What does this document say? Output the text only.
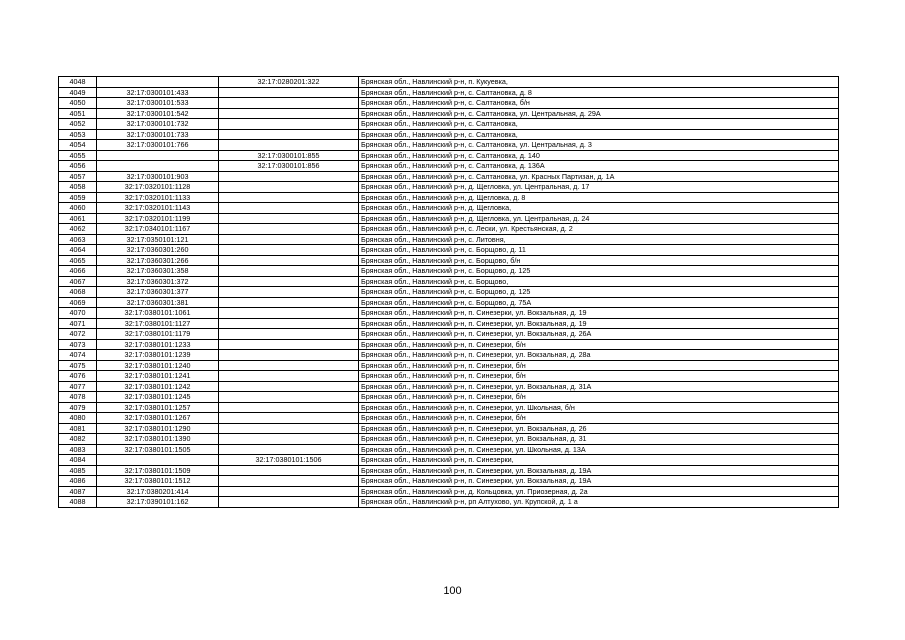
4048		32:17:0280201:322	Брянская обл., Навлинский р-н, п. Кукуевка,
4049	32:17:0300101:433		Брянская обл., Навлинский р-н, с. Салтановка, д. 8
4050	32:17:0300101:533		Брянская обл., Навлинский р-н, с. Салтановка, б/н
4051	32:17:0300101:542		Брянская обл., Навлинский р-н, с. Салтановка, ул. Центральная, д. 29А
4052	32:17:0300101:732		Брянская обл., Навлинский р-н, с. Салтановка,
4053	32:17:0300101:733		Брянская обл., Навлинский р-н, с. Салтановка,
4054	32:17:0300101:766		Брянская обл., Навлинский р-н, с. Салтановка, ул. Центральная, д. 3
4055		32:17:0300101:855	Брянская обл., Навлинский р-н, с. Салтановка, д. 140
4056		32:17:0300101:856	Брянская обл., Навлинский р-н, с. Салтановка, д. 136А
4057	32:17:0300101:903		Брянская обл., Навлинский р-н, с. Салтановка, ул. Красных Партизан, д. 1А
4058	32:17:0320101:1128		Брянская обл., Навлинский р-н, д. Щегловка, ул. Центральная, д. 17
4059	32:17:0320101:1133		Брянская обл., Навлинский р-н, д. Щегловка, д. 8
4060	32:17:0320101:1143		Брянская обл., Навлинский р-н, д. Щегловка,
4061	32:17:0320101:1199		Брянская обл., Навлинский р-н, д. Щегловка, ул. Центральная, д. 24
4062	32:17:0340101:1167		Брянская обл., Навлинский р-н, с. Лески, ул. Крестьянская, д. 2
4063	32:17:0350101:121		Брянская обл., Навлинский р-н, с. Литовня,
4064	32:17:0360301:260		Брянская обл., Навлинский р-н, с. Борщово, д. 11
4065	32:17:0360301:266		Брянская обл., Навлинский р-н, с. Борщово, б/н
4066	32:17:0360301:358		Брянская обл., Навлинский р-н, с. Борщово, д. 125
4067	32:17:0360301:372		Брянская обл., Навлинский р-н, с. Борщово,
4068	32:17:0360301:377		Брянская обл., Навлинский р-н, с. Борщово, д. 125
4069	32:17:0360301:381		Брянская обл., Навлинский р-н, с. Борщово, д. 75А
4070	32:17:0380101:1061		Брянская обл., Навлинский р-н, п. Синезерки, ул. Вокзальная, д. 19
4071	32:17:0380101:1127		Брянская обл., Навлинский р-н, п. Синезерки, ул. Вокзальная, д. 19
4072	32:17:0380101:1179		Брянская обл., Навлинский р-н, п. Синезерки, ул. Вокзальная, д. 26А
4073	32:17:0380101:1233		Брянская обл., Навлинский р-н, п. Синезерки, б/н
4074	32:17:0380101:1239		Брянская обл., Навлинский р-н, п. Синезерки, ул. Вокзальная, д. 28а
4075	32:17:0380101:1240		Брянская обл., Навлинский р-н, п. Синезерки, б/н
4076	32:17:0380101:1241		Брянская обл., Навлинский р-н, п. Синезерки, б/н
4077	32:17:0380101:1242		Брянская обл., Навлинский р-н, п. Синезерки, ул. Вокзальная, д. 31А
4078	32:17:0380101:1245		Брянская обл., Навлинский р-н, п. Синезерки, б/н
4079	32:17:0380101:1257		Брянская обл., Навлинский р-н, п. Синезерки, ул. Школьная, б/н
4080	32:17:0380101:1267		Брянская обл., Навлинский р-н, п. Синезерки, б/н
4081	32:17:0380101:1290		Брянская обл., Навлинский р-н, п. Синезерки, ул. Вокзальная, д. 26
4082	32:17:0380101:1390		Брянская обл., Навлинский р-н, п. Синезерки, ул. Вокзальная, д. 31
4083	32:17:0380101:1505		Брянская обл., Навлинский р-н, п. Синезерки, ул. Школьная, д. 13А
4084		32:17:0380101:1506	Брянская обл., Навлинский р-н, п. Синезерки,
4085	32:17:0380101:1509		Брянская обл., Навлинский р-н, п. Синезерки, ул. Вокзальная, д. 19А
4086	32:17:0380101:1512		Брянская обл., Навлинский р-н, п. Синезерки, ул. Вокзальная, д. 19А
4087	32:17:0380201:414		Брянская обл., Навлинский р-н, д. Кольцовка, ул. Приозерная, д. 2а
4088	32:17:0390101:162		Брянская обл., Навлинский р-н, рп Алтухово, ул. Крупской, д. 1 а
100
